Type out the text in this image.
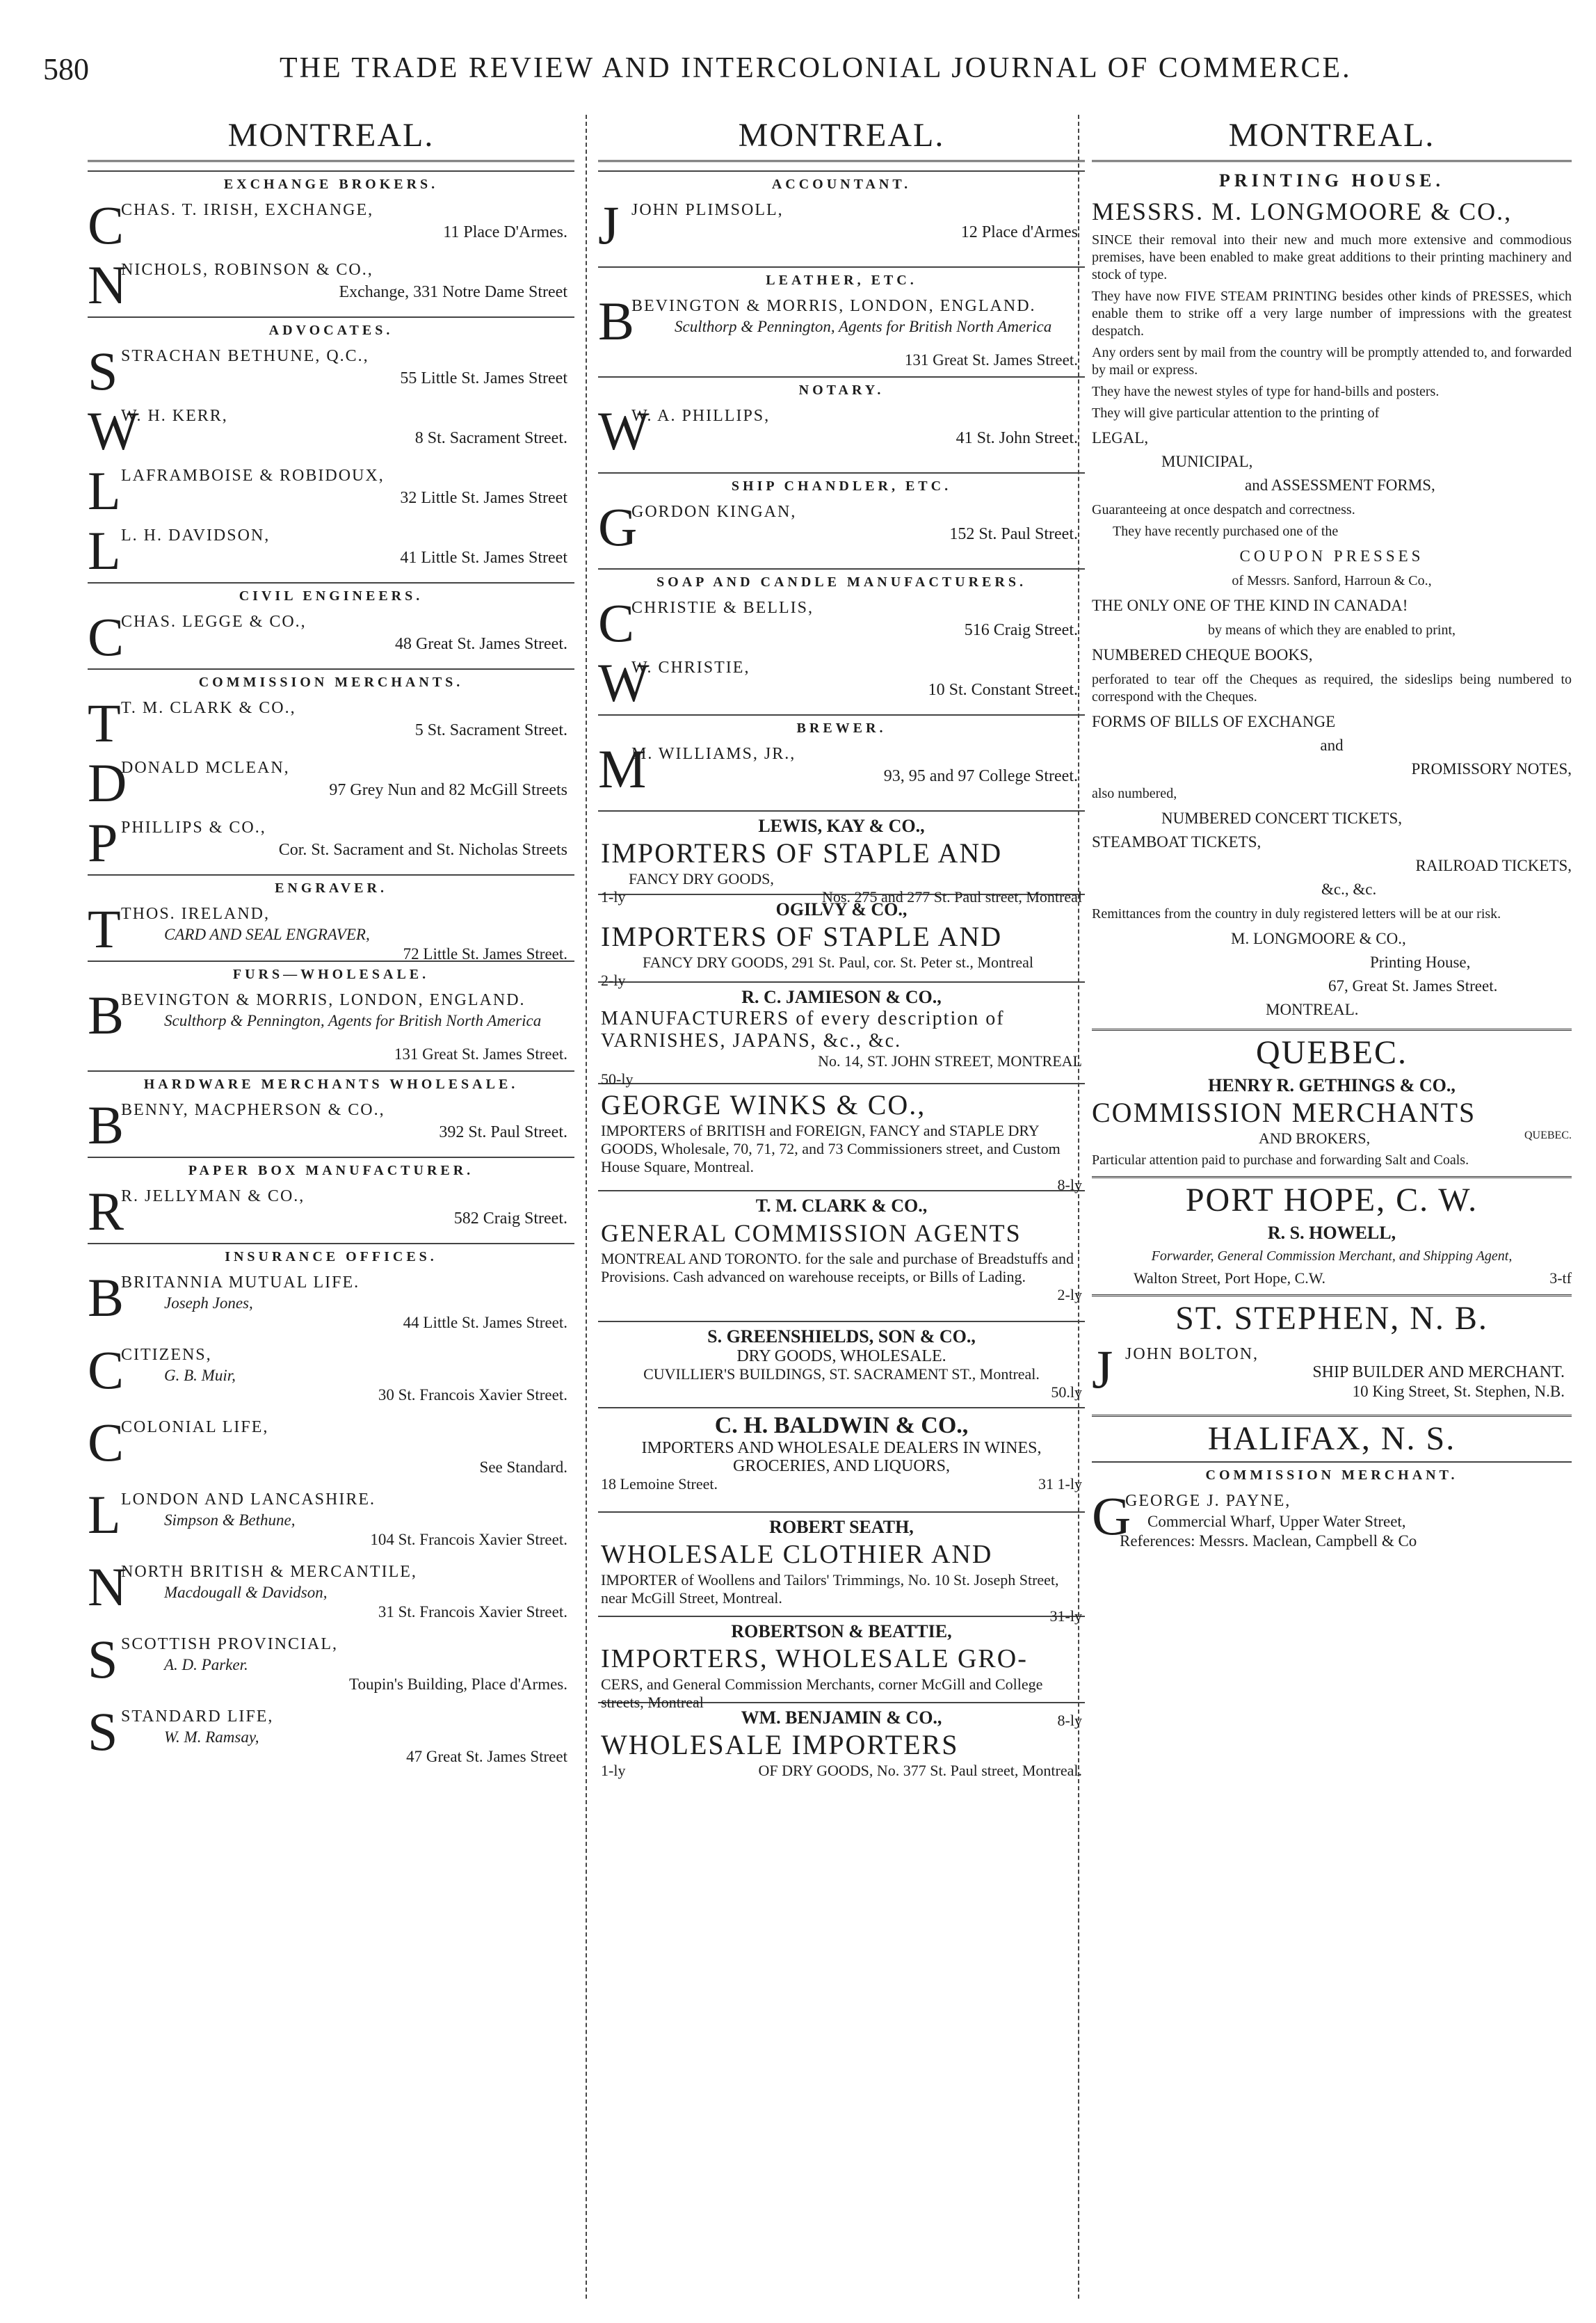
580	THE TRADE REVIEW AND INTERCOLONIAL JOURNAL OF COMMERCE.
MONTREAL.
EXCHANGE BROKERS.
C
CHAS. T. IRISH, EXCHANGE,
11 Place D'Armes.
N
NICHOLS, ROBINSON & CO.,
Exchange, 331 Notre Dame Street
ADVOCATES.
S STRACHAN BETHUNE, Q.C.,
55 Little St. James Street
W
W. H. KERR,
8 St. Sacrament Street.
L LAFRAMBOISE & ROBIDOUX,
32 Little St. James Street
L L. H. DAVIDSON,
41 Little St. James Street
CIVIL ENGINEERS.
C
CHAS. LEGGE & CO.,
48 Great St. James Street.
COMMISSION MERCHANTS.
T T. M. CLARK & CO.,
5 St. Sacrament Street.
D
DONALD MCLEAN,
97 Grey Nun and 82 McGill Streets
P PHILLIPS & CO.,
Cor. St. Sacrament and St. Nicholas Streets
ENGRAVER.
T THOS. IRELAND,
CARD AND SEAL ENGRAVER,
72 Little St. James Street.
FURS—WHOLESALE.
B
BEVINGTON & MORRIS, LONDON, ENGLAND.
Sculthorp & Pennington, Agents for British North America
131 Great St. James Street.
HARDWARE MERCHANTS WHOLESALE.
B
BENNY, MACPHERSON & CO.,
392 St. Paul Street.
PAPER BOX MANUFACTURER.
R
R. JELLYMAN & CO.,
582 Craig Street.
INSURANCE OFFICES.
B
BRITANNIA MUTUAL LIFE.
Joseph Jones,
44 Little St. James Street.
C
CITIZENS,
G. B. Muir,
30 St. Francois Xavier Street.
C
COLONIAL LIFE,
See Standard.
L LONDON AND LANCASHIRE.
Simpson & Bethune,
104 St. Francois Xavier Street.
N
NORTH BRITISH & MERCANTILE,
Macdougall & Davidson,
31 St. Francois Xavier Street.
S SCOTTISH PROVINCIAL,
A. D. Parker.
Toupin's Building, Place d'Armes.
S STANDARD LIFE,
W. M. Ramsay,
47 Great St. James Street
MONTREAL.
ACCOUNTANT.
J JOHN PLIMSOLL,
12 Place d'Armes
LEATHER, ETC.
B
BEVINGTON & MORRIS, LONDON, ENGLAND.
Sculthorp & Pennington, Agents for British North America
131 Great St. James Street.
NOTARY.
W
W. A. PHILLIPS,
41 St. John Street.
SHIP CHANDLER, ETC.
G
GORDON KINGAN,
152 St. Paul Street.
SOAP AND CANDLE MANUFACTURERS.
C
CHRISTIE & BELLIS,
516 Craig Street.
W
W. CHRISTIE,
10 St. Constant Street.
BREWER.
M
M. WILLIAMS, JR.,
93, 95 and 97 College Street.
LEWIS, KAY & CO.,
IMPORTERS OF STAPLE AND
FANCY DRY GOODS,
1-ly	Nos. 275 and 277 St. Paul street, Montreal
OGILVY & CO.,
IMPORTERS OF STAPLE AND
FANCY DRY GOODS, 291 St. Paul, cor. St. Peter st., Montreal
2-ly
R. C. JAMIESON & CO.,
MANUFACTURERS of every description of VARNISHES, JAPANS, &c., &c.
No. 14, ST. JOHN STREET, MONTREAL
50-ly
GEORGE WINKS & CO.,
IMPORTERS of BRITISH and FOREIGN, FANCY and STAPLE DRY GOODS, Wholesale, 70, 71, 72, and 73 Commissioners street, and Custom House Square, Montreal.
8-ly
T. M. CLARK & CO.,
GENERAL COMMISSION AGENTS
MONTREAL AND TORONTO. for the sale and purchase of Breadstuffs and Provisions. Cash advanced on warehouse receipts, or Bills of Lading.
2-ly
S. GREENSHIELDS, SON & CO.,
DRY GOODS, WHOLESALE.
CUVILLIER'S BUILDINGS, ST. SACRAMENT ST., Montreal.
50.ly
C. H. BALDWIN & CO.,
IMPORTERS AND WHOLESALE DEALERS IN WINES, GROCERIES, AND LIQUORS,
18 Lemoine Street.	31 1-ly
ROBERT SEATH,
WHOLESALE CLOTHIER AND
IMPORTER of Woollens and Tailors' Trimmings, No. 10 St. Joseph Street, near McGill Street, Montreal.
31-ly
ROBERTSON & BEATTIE,
IMPORTERS, WHOLESALE GRO-
CERS, and General Commission Merchants, corner McGill and College streets, Montreal
8-ly
WM. BENJAMIN & CO.,
WHOLESALE IMPORTERS
1-ly	OF DRY GOODS, No. 377 St. Paul street, Montreal.
MONTREAL.
PRINTING HOUSE.
MESSRS. M. LONGMOORE & CO.,
SINCE their removal into their new and much more extensive and commodious premises, have been enabled to make great additions to their printing machinery and stock of type.
They have now FIVE STEAM PRINTING besides other kinds of PRESSES, which enable them to strike off a very large number of impressions with the greatest despatch.
Any orders sent by mail from the country will be promptly attended to, and forwarded by mail or express.
They have the newest styles of type for hand-bills and posters.
They will give particular attention to the printing of
LEGAL,
MUNICIPAL,
and ASSESSMENT FORMS,
Guaranteeing at once despatch and correctness.
They have recently purchased one of the
COUPON PRESSES
of Messrs. Sanford, Harroun & Co.,
THE ONLY ONE OF THE KIND IN CANADA!
by means of which they are enabled to print,
NUMBERED CHEQUE BOOKS,
perforated to tear off the Cheques as required, the sideslips being numbered to correspond with the Cheques.
FORMS OF BILLS OF EXCHANGE
and
PROMISSORY NOTES,
also numbered,
NUMBERED CONCERT TICKETS,
STEAMBOAT TICKETS,
RAILROAD TICKETS,
&c., &c.
Remittances from the country in duly registered letters will be at our risk.
M. LONGMOORE & CO.,
Printing House,
67, Great St. James Street.
MONTREAL.
QUEBEC.
HENRY R. GETHINGS & CO.,
COMMISSION MERCHANTS
AND BROKERS,	QUEBEC.
Particular attention paid to purchase and forwarding Salt and Coals.
PORT HOPE, C. W.
R. S. HOWELL,
Forwarder, General Commission Merchant, and Shipping Agent,
Walton Street, Port Hope, C.W.	3-tf
ST. STEPHEN, N. B.
J JOHN BOLTON,
SHIP BUILDER AND MERCHANT.
10 King Street, St. Stephen, N.B.
HALIFAX, N. S.
COMMISSION MERCHANT.
G
GEORGE J. PAYNE,
Commercial Wharf, Upper Water Street,
References: Messrs. Maclean, Campbell & Co
